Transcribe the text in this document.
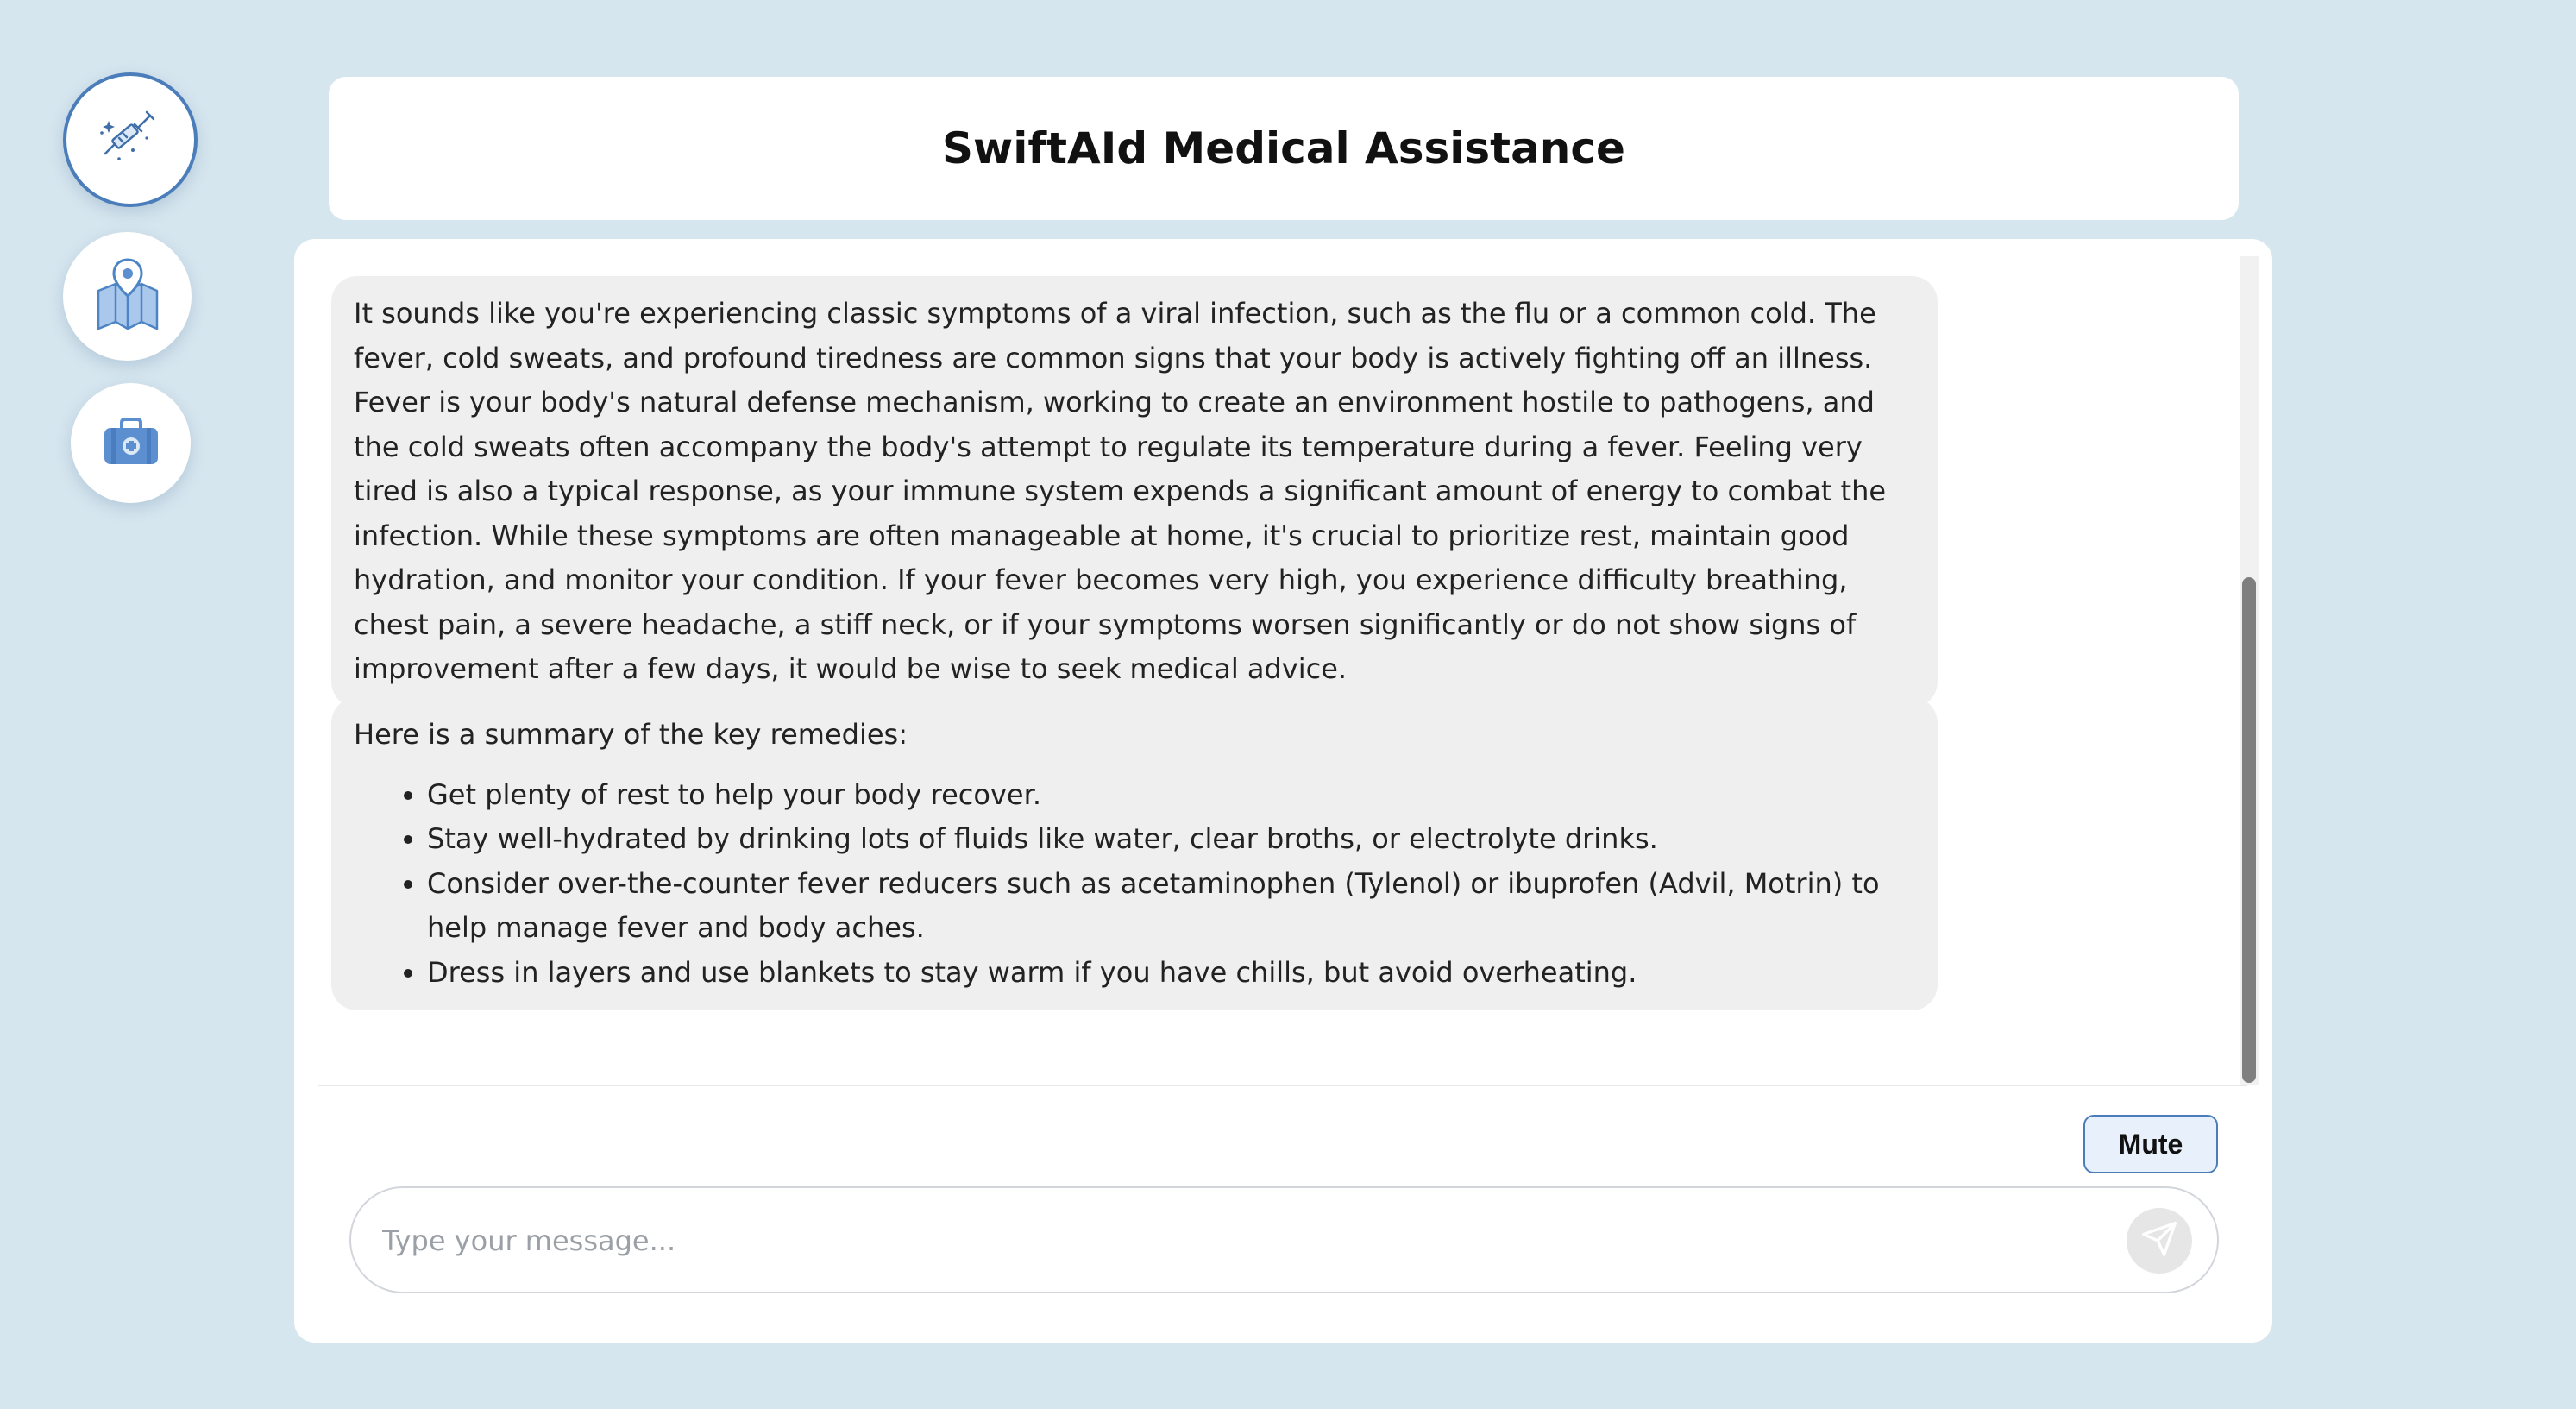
SwiftAId Medical Assistance

It sounds like you're experiencing classic symptoms of a viral infection, such as the flu or a common cold. The fever, cold sweats, and profound tiredness are common signs that your body is actively fighting off an illness. Fever is your body's natural defense mechanism, working to create an environment hostile to pathogens, and the cold sweats often accompany the body's attempt to regulate its temperature during a fever. Feeling very tired is also a typical response, as your immune system expends a significant amount of energy to combat the infection. While these symptoms are often manageable at home, it's crucial to prioritize rest, maintain good hydration, and monitor your condition. If your fever becomes very high, you experience difficulty breathing, chest pain, a severe headache, a stiff neck, or if your symptoms worsen significantly or do not show signs of improvement after a few days, it would be wise to seek medical advice.

Here is a summary of the key remedies:

• Get plenty of rest to help your body recover.
• Stay well-hydrated by drinking lots of fluids like water, clear broths, or electrolyte drinks.
• Consider over-the-counter fever reducers such as acetaminophen (Tylenol) or ibuprofen (Advil, Motrin) to help manage fever and body aches.
• Dress in layers and use blankets to stay warm if you have chills, but avoid overheating.
Mute
Type your message...
